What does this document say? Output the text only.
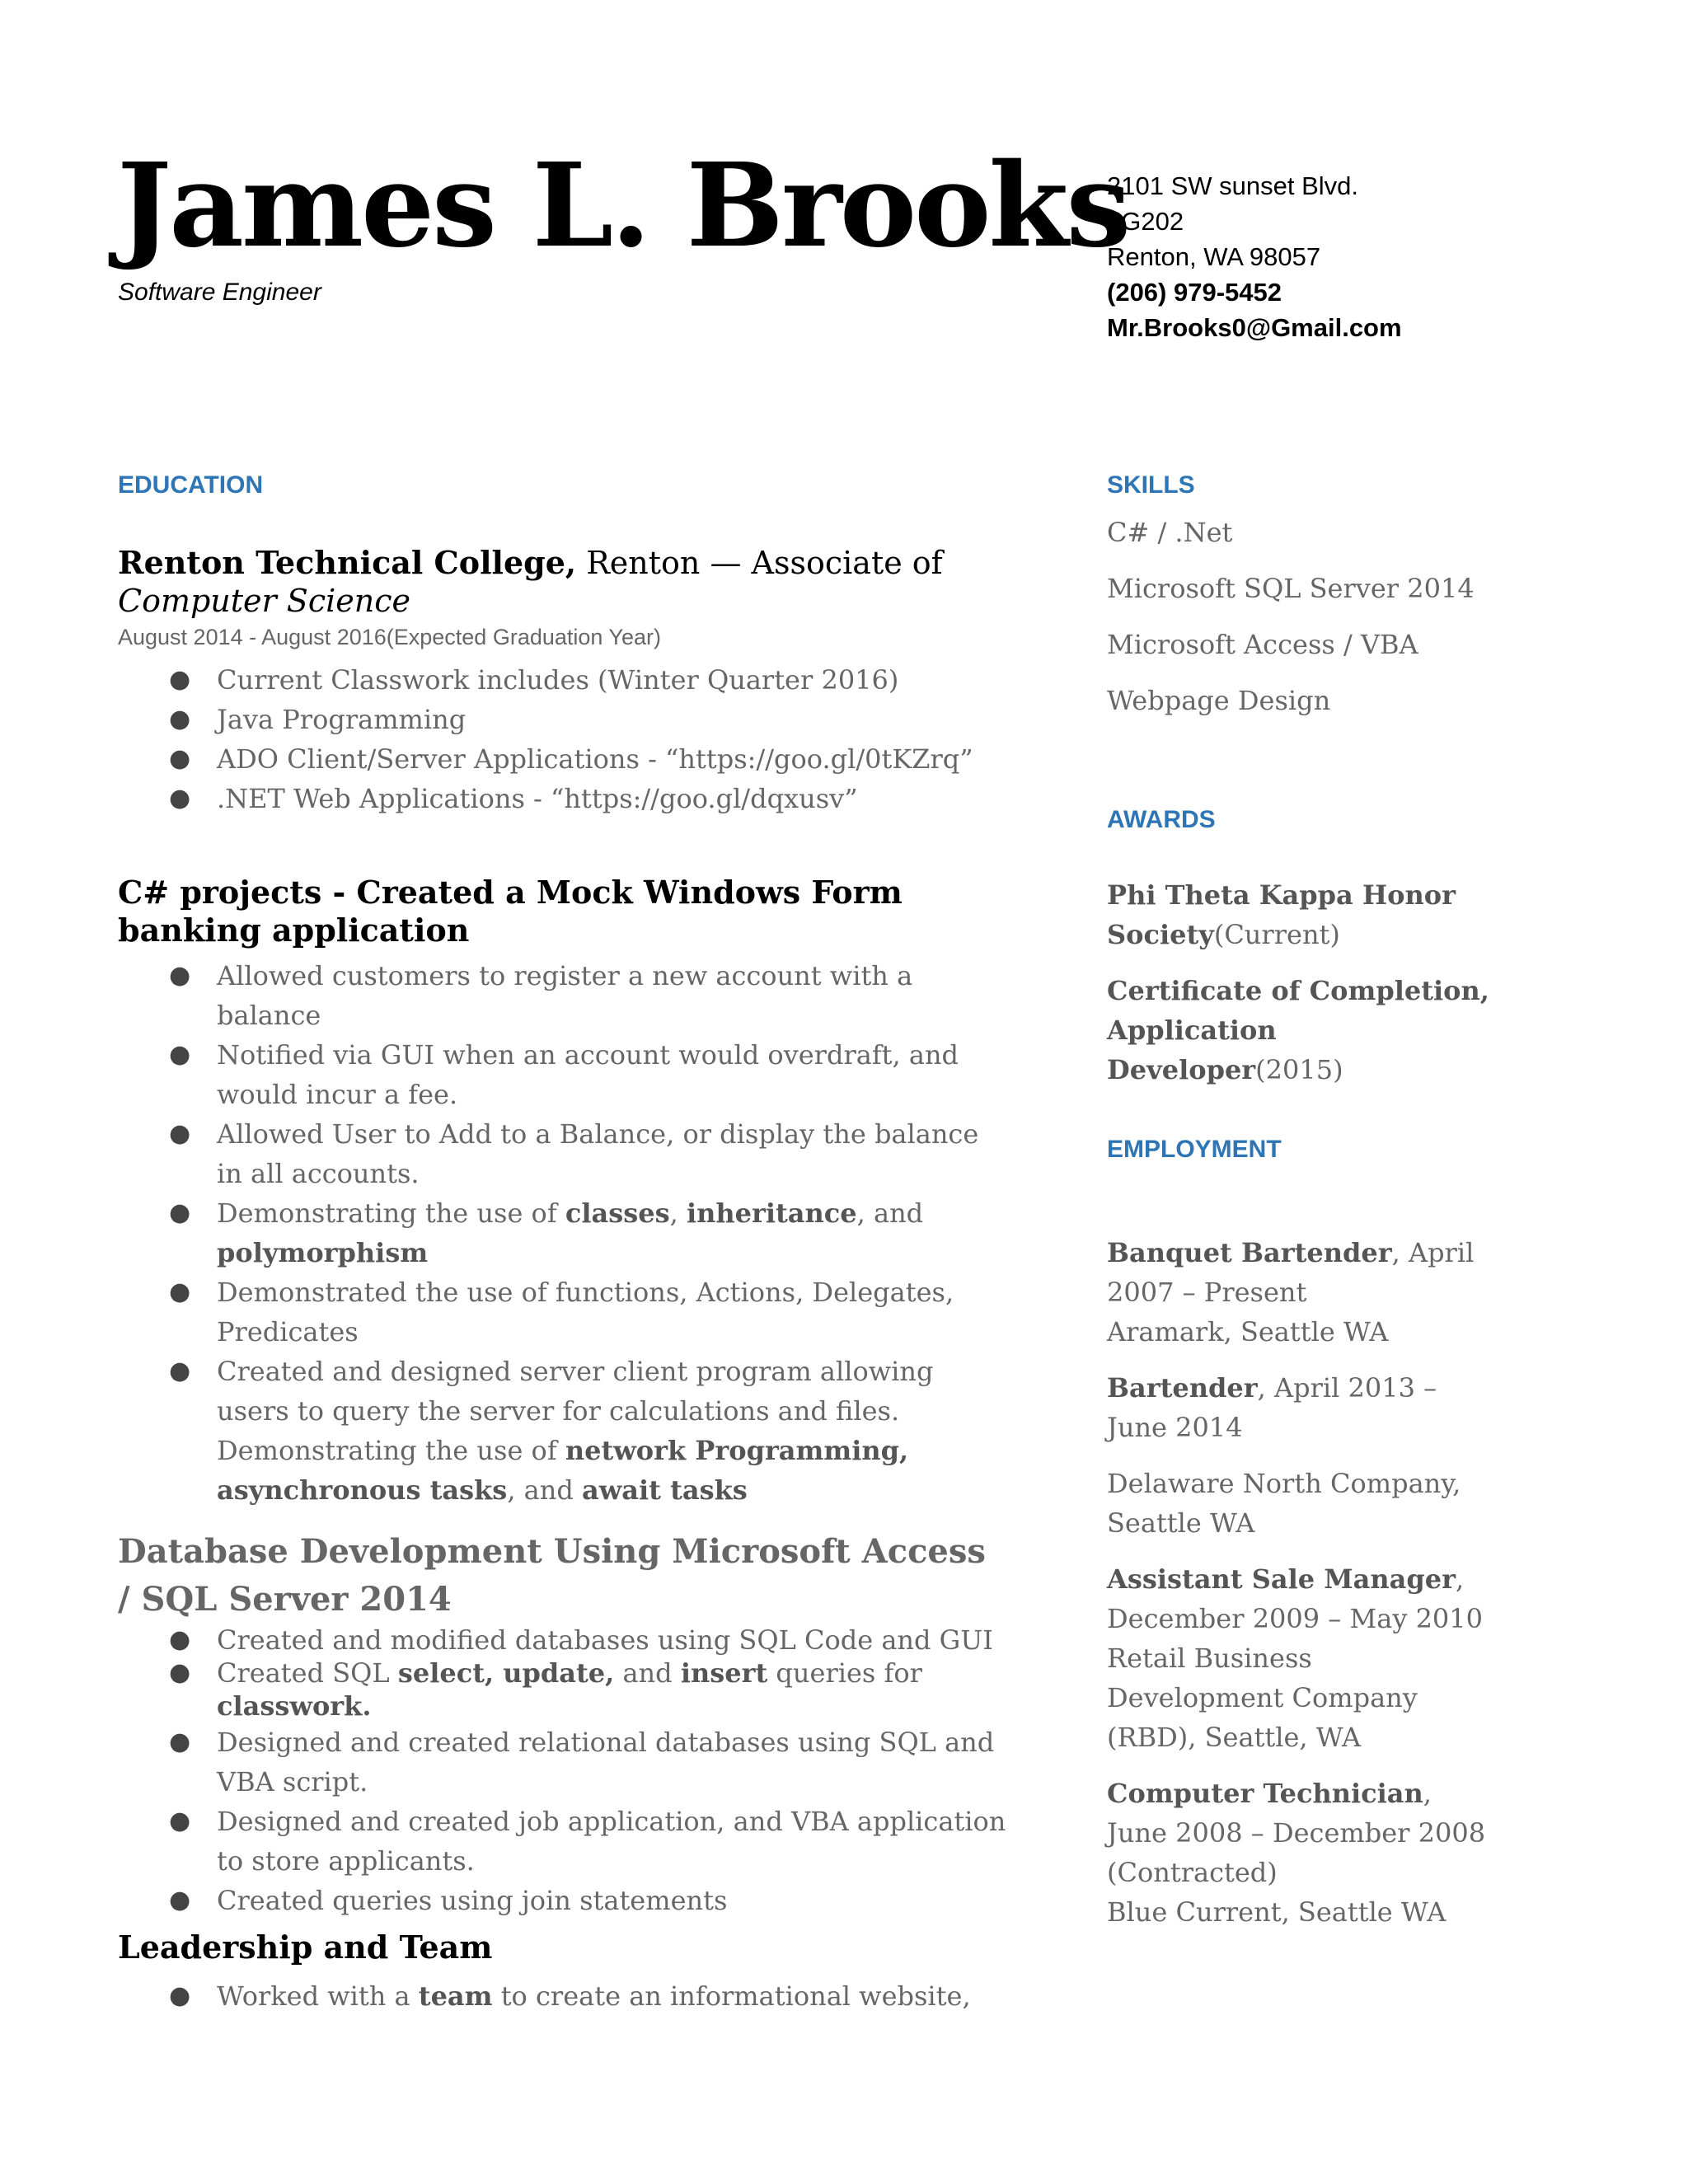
James L. Brooks
Software Engineer
2101 SW sunset Blvd.
#G202
Renton, WA 98057
(206) 979-5452
Mr.Brooks0@Gmail.com
EDUCATION

Renton Technical College, Renton — Associate of
Computer Science

August 2014 - August 2016(Expected Graduation Year)
● Current Classwork includes (Winter Quarter 2016)
● Java Programming
● ADO Client/Server Applications - “https://goo.gl/0tKZrq”
● .NET Web Applications - “https://goo.gl/dqxusv”

C# projects - Created a Mock Windows Form banking application

● Allowed customers to register a new account with a balance
● Notified via GUI when an account would overdraft, and would incur a fee.
● Allowed User to Add to a Balance, or display the balance in all accounts.
● Demonstrating the use of classes, inheritance, and polymorphism
● Demonstrated the use of functions, Actions, Delegates, Predicates
● Created and designed server client program allowing users to query the server for calculations and files. Demonstrating the use of network Programming, asynchronous tasks, and await tasks

Database Development Using Microsoft Access / SQL Server 2014

● Created and modified databases using SQL Code and GUI
● Created SQL select, update, and insert queries for classwork.
● Designed and created relational databases using SQL and VBA script.
● Designed and created job application, and VBA application to store applicants.
● Created queries using join statements

Leadership and Team

● Worked with a team to create an informational website,
SKILLS

C# / .Net

Microsoft SQL Server 2014

Microsoft Access / VBA

Webpage Design

AWARDS

Phi Theta Kappa Honor Society(Current)

Certificate of Completion, Application Developer(2015)

EMPLOYMENT

Banquet Bartender, April 2007 – Present
Aramark, Seattle WA

Bartender, April 2013 – June 2014

Delaware North Company, Seattle WA

Assistant Sale Manager, December 2009 – May 2010
Retail Business Development Company
(RBD), Seattle, WA

Computer Technician, June 2008 – December 2008 (Contracted)
Blue Current, Seattle WA
